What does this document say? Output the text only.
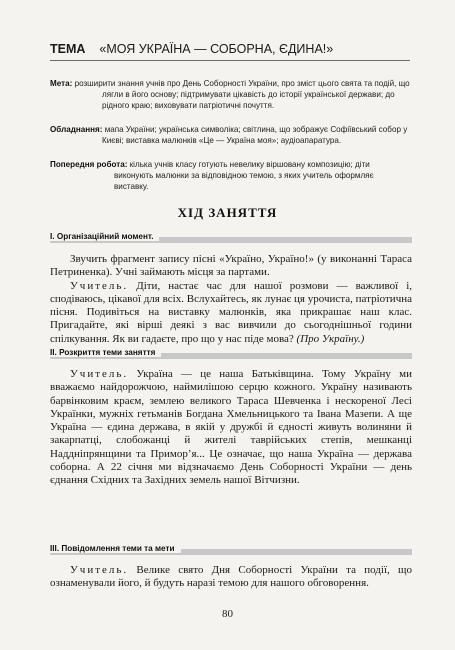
ТЕМА «МОЯ УКРАЇНА — СОБОРНА, ЄДИНА!»

Мета: розширити знання учнів про День Соборності України, про зміст цього свята та подій, що лягли в його основу; підтримувати цікавість до історії української держави; до рідного краю; виховувати патріотичні почуття.

Обладнання: мапа України; українська символіка; світлина, що зображує Софіївський собор у Києві; виставка малюнків «Це — Україна моя»; аудіоапаратура.

Попередня робота: кілька учнів класу готують невелику віршовану композицію; діти виконують малюнки за відповідною темою, з яких учитель оформляє виставку.

ХІД ЗАНЯТТЯ
I. Організаційний момент.

Звучить фрагмент запису пісні «Україно, Україно!» (у виконанні Тараса Петриненка). Учні займають місця за партами.

Учитель. Діти, настає час для нашої розмови — важливої і, сподіваюсь, цікавої для всіх. Вслухайтесь, як лунає ця урочиста, патріотична пісня. Подивіться на виставку малюнків, яка прикрашає наш клас. Пригадайте, які вірші деякі з вас вивчили до сьогоднішньої години спілкування. Як ви гадаєте, про що у нас піде мова? (Про Україну.)

II. Розкриття теми заняття

Учитель. Україна — це наша Батьківщина. Тому Україну ми вважаємо найдорожчою, наймилішою серцю кожного. Україну називають барвінковим краєм, землею великого Тараса Шевченка і нескореної Лесі Українки, мужніх гетьманів Богдана Хмельницького та Івана Мазепи. А ще Україна — єдина держава, в якій у дружбі й єдності живуть волиняни й закарпатці, слобожанці й жителі таврійських степів, мешканці Наддніпрянщини та Примор’я... Це означає, що наша Україна — держава соборна. А 22 січня ми відзначаємо День Соборності України — день єднання Східних та Західних земель нашої Вітчизни.

III. Повідомлення теми та мети

Учитель. Велике свято Дня Соборності України та події, що ознаменували його, й будуть наразі темою для нашого обговорення.

80
